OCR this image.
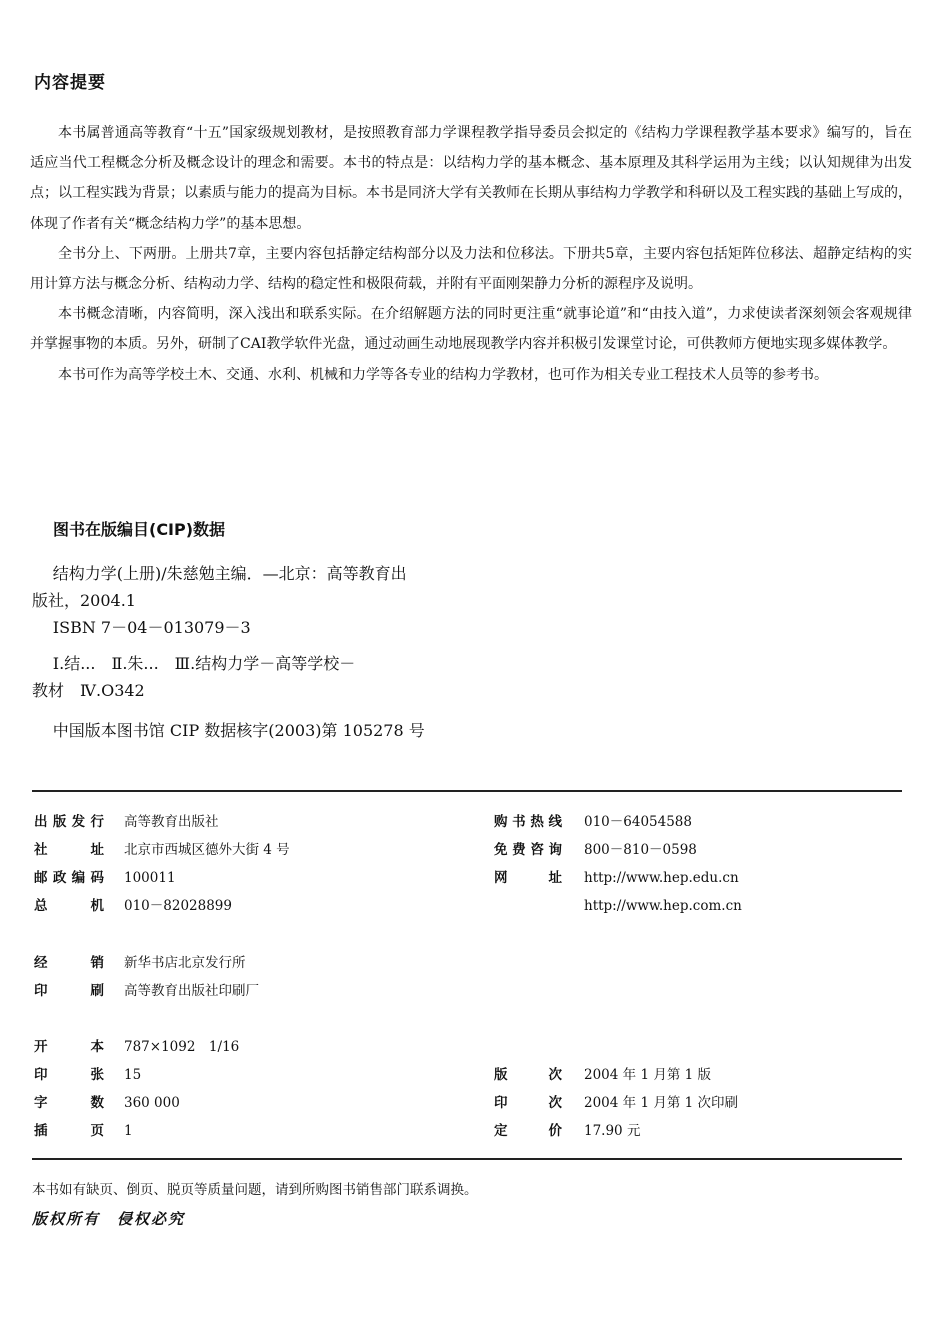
内容提要

本书属普通高等教育“十五”国家级规划教材，是按照教育部力学课程教学指导委员会拟定的《结构力学课程教学基本要求》编写的，旨在适应当代工程概念分析及概念设计的理念和需要。本书的特点是：以结构力学的基本概念、基本原理及其科学运用为主线；以认知规律为出发点；以工程实践为背景；以素质与能力的提高为目标。本书是同济大学有关教师在长期从事结构力学教学和科研以及工程实践的基础上写成的，体现了作者有关“概念结构力学”的基本思想。

全书分上、下两册。上册共7章，主要内容包括静定结构部分以及力法和位移法。下册共5章，主要内容包括矩阵位移法、超静定结构的实用计算方法与概念分析、结构动力学、结构的稳定性和极限荷载，并附有平面刚架静力分析的源程序及说明。

本书概念清晰，内容简明，深入浅出和联系实际。在介绍解题方法的同时更注重“就事论道”和“由技入道”，力求使读者深刻领会客观规律并掌握事物的本质。另外，研制了CAI教学软件光盘，通过动画生动地展现教学内容并积极引发课堂讨论，可供教师方便地实现多媒体教学。

本书可作为高等学校土木、交通、水利、机械和力学等各专业的结构力学教材，也可作为相关专业工程技术人员等的参考书。

图书在版编目(CIP)数据

结构力学(上册)/朱慈勉主编．—北京：高等教育出

版社，2004.1

ISBN 7－04－013079－3

Ⅰ.结...　Ⅱ.朱...　Ⅲ.结构力学－高等学校－

教材　Ⅳ.O342

中国版本图书馆 CIP 数据核字(2003)第 105278 号

出版发行 高等教育出版社
社址 北京市西城区德外大街 4 号
邮政编码 100011
总机 010－82028899
经销 新华书店北京发行所
印刷 高等教育出版社印刷厂
开本 787×1092　1/16
印张 15
字数 360 000
插页 1
购书热线 010－64054588
免费咨询 800－810－0598
网址 http://www.hep.edu.cn
http://www.hep.com.cn
版次 2004 年 1 月第 1 版
印次 2004 年 1 月第 1 次印刷
定价 17.90 元
本书如有缺页、倒页、脱页等质量问题，请到所购图书销售部门联系调换。
版权所有　侵权必究
